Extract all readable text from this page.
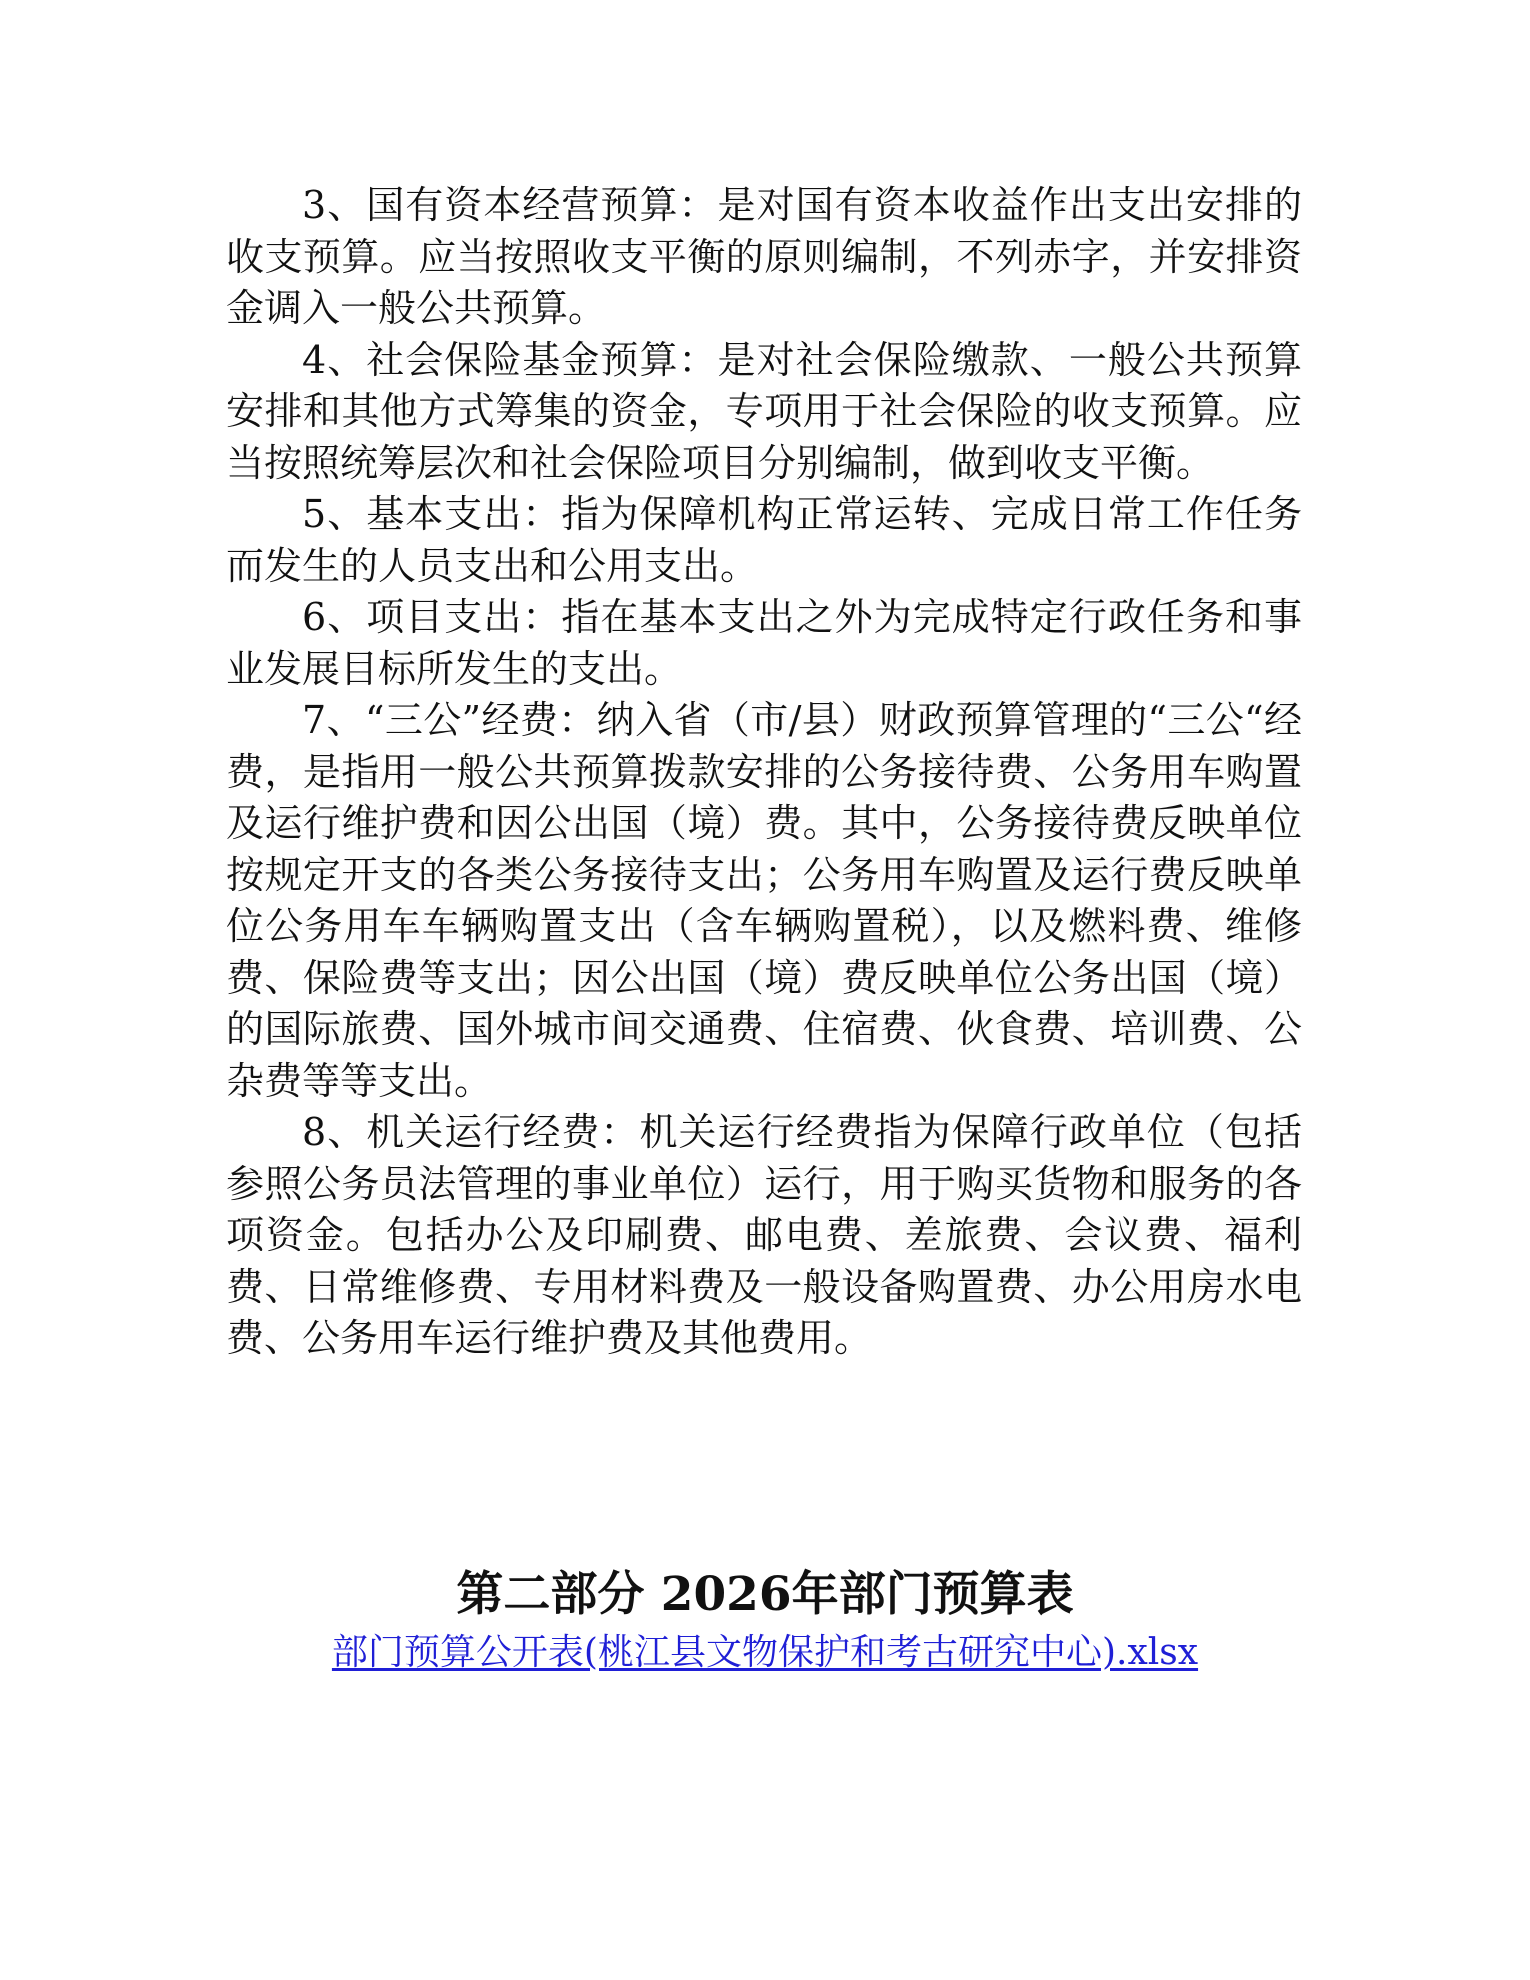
3、国有资本经营预算：是对国有资本收益作出支出安排的收支预算。应当按照收支平衡的原则编制，不列赤字，并安排资金调入一般公共预算。

4、社会保险基金预算：是对社会保险缴款、一般公共预算安排和其他方式筹集的资金，专项用于社会保险的收支预算。应当按照统筹层次和社会保险项目分别编制，做到收支平衡。

5、基本支出：指为保障机构正常运转、完成日常工作任务而发生的人员支出和公用支出。

6、项目支出：指在基本支出之外为完成特定行政任务和事业发展目标所发生的支出。

7、“三公”经费：纳入省（市/县）财政预算管理的“三公“经费，是指用一般公共预算拨款安排的公务接待费、公务用车购置及运行维护费和因公出国（境）费。其中，公务接待费反映单位按规定开支的各类公务接待支出；公务用车购置及运行费反映单位公务用车车辆购置支出（含车辆购置税），以及燃料费、维修费、保险费等支出；因公出国（境）费反映单位公务出国（境）的国际旅费、国外城市间交通费、住宿费、伙食费、培训费、公杂费等等支出。

8、机关运行经费：机关运行经费指为保障行政单位（包括参照公务员法管理的事业单位）运行，用于购买货物和服务的各项资金。包括办公及印刷费、邮电费、差旅费、会议费、福利费、日常维修费、专用材料费及一般设备购置费、办公用房水电费、公务用车运行维护费及其他费用。

第二部分 2026年部门预算表
部门预算公开表(桃江县文物保护和考古研究中心).xlsx
